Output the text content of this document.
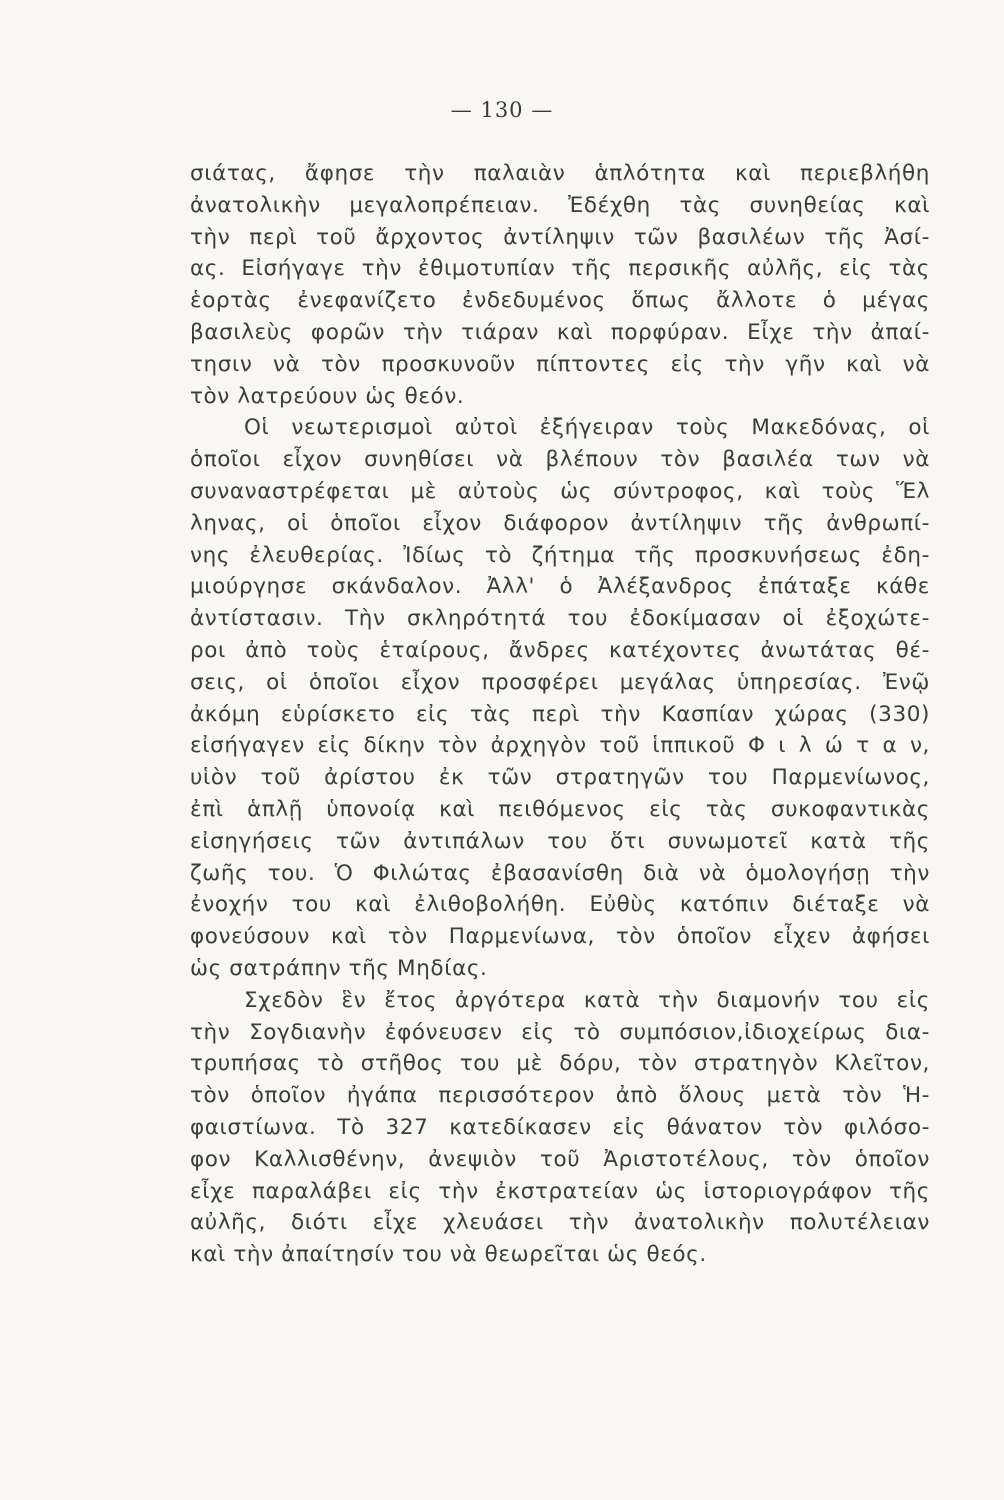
— 130 —
σιάτας, ἄφησε τὴν παλαιὰν ἁπλότητα καὶ περιεβλήθη
ἀνατολικὴν μεγαλοπρέπειαν. Ἐδέχθη τὰς συνηθείας καὶ
τὴν περὶ τοῦ ἄρχοντος ἀντίληψιν τῶν βασιλέων τῆς Ἀσί-
ας. Εἰσήγαγε τὴν ἐθιμοτυπίαν τῆς περσικῆς αὐλῆς, εἰς τὰς
ἑορτὰς ἐνεφανίζετο ἐνδεδυμένος ὅπως ἄλλοτε ὁ μέγας
βασιλεὺς φορῶν τὴν τιάραν καὶ πορφύραν. Εἶχε τὴν ἀπαί-
τησιν νὰ τὸν προσκυνοῦν πίπτοντες εἰς τὴν γῆν καὶ νὰ
τὸν λατρεύουν ὡς θεόν.
Οἱ νεωτερισμοὶ αὐτοὶ ἐξήγειραν τοὺς Μακεδόνας, οἱ
ὁποῖοι εἶχον συνηθίσει νὰ βλέπουν τὸν βασιλέα των νὰ
συναναστρέφεται μὲ αὐτοὺς ὡς σύντροφος, καὶ τοὺς Ἕλ
ληνας, οἱ ὁποῖοι εἶχον διάφορον ἀντίληψιν τῆς ἀνθρωπί-
νης ἐλευθερίας. Ἰδίως τὸ ζήτημα τῆς προσκυνήσεως ἐδη-
μιούργησε σκάνδαλον. Ἀλλ' ὁ Ἀλέξανδρος ἐπάταξε κάθε
ἀντίστασιν. Τὴν σκληρότητά του ἐδοκίμασαν οἱ ἐξοχώτε-
ροι ἀπὸ τοὺς ἑταίρους, ἄνδρες κατέχοντες ἀνωτάτας θέ-
σεις, οἱ ὁποῖοι εἶχον προσφέρει μεγάλας ὑπηρεσίας. Ἐνῷ
ἀκόμη εὑρίσκετο εἰς τὰς περὶ τὴν Κασπίαν χώρας (330)
εἰσήγαγεν εἰς δίκην τὸν ἀρχηγὸν τοῦ ἱππικοῦ Φ ι λ ώ τ α ν,
υἱὸν τοῦ ἀρίστου ἐκ τῶν στρατηγῶν του Παρμενίωνος,
ἐπὶ ἁπλῇ ὑπονοίᾳ καὶ πειθόμενος εἰς τὰς συκοφαντικὰς
εἰσηγήσεις τῶν ἀντιπάλων του ὅτι συνωμοτεῖ κατὰ τῆς
ζωῆς του. Ὁ Φιλώτας ἐβασανίσθη διὰ νὰ ὁμολογήσῃ τὴν
ἐνοχήν του καὶ ἐλιθοβολήθη. Εὐθὺς κατόπιν διέταξε νὰ
φονεύσουν καὶ τὸν Παρμενίωνα, τὸν ὁποῖον εἶχεν ἀφήσει
ὡς σατράπην τῆς Μηδίας.
Σχεδὸν ἓν ἔτος ἀργότερα κατὰ τὴν διαμονήν του εἰς
τὴν Σογδιανὴν ἐφόνευσεν εἰς τὸ συμπόσιον,ἰδιοχείρως δια-
τρυπήσας τὸ στῆθος του μὲ δόρυ, τὸν στρατηγὸν Κλεῖτον,
τὸν ὁποῖον ἠγάπα περισσότερον ἀπὸ ὅλους μετὰ τὸν Ἡ-
φαιστίωνα. Τὸ 327 κατεδίκασεν εἰς θάνατον τὸν φιλόσο-
φον Καλλισθένην, ἀνεψιὸν τοῦ Ἀριστοτέλους, τὸν ὁποῖον
εἶχε παραλάβει εἰς τὴν ἐκστρατείαν ὡς ἱστοριογράφον τῆς
αὐλῆς, διότι εἶχε χλευάσει τὴν ἀνατολικὴν πολυτέλειαν
καὶ τὴν ἀπαίτησίν του νὰ θεωρεῖται ὡς θεός.
